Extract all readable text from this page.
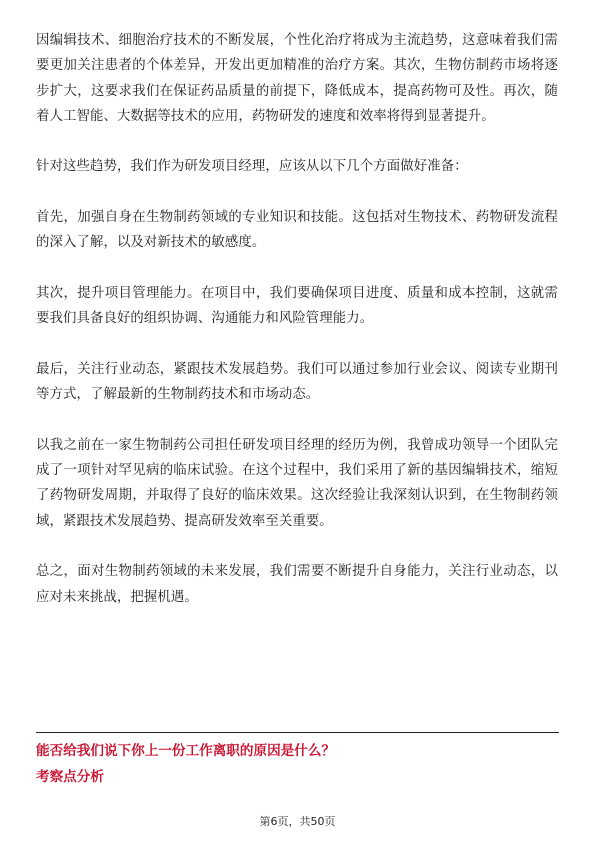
因编辑技术、细胞治疗技术的不断发展，个性化治疗将成为主流趋势，这意味着我们需要更加关注患者的个体差异，开发出更加精准的治疗方案。其次，生物仿制药市场将逐步扩大，这要求我们在保证药品质量的前提下，降低成本，提高药物可及性。再次，随着人工智能、大数据等技术的应用，药物研发的速度和效率将得到显著提升。

针对这些趋势，我们作为研发项目经理，应该从以下几个方面做好准备：

首先，加强自身在生物制药领域的专业知识和技能。这包括对生物技术、药物研发流程的深入了解，以及对新技术的敏感度。

其次，提升项目管理能力。在项目中，我们要确保项目进度、质量和成本控制，这就需要我们具备良好的组织协调、沟通能力和风险管理能力。

最后，关注行业动态，紧跟技术发展趋势。我们可以通过参加行业会议、阅读专业期刊等方式，了解最新的生物制药技术和市场动态。

以我之前在一家生物制药公司担任研发项目经理的经历为例，我曾成功领导一个团队完成了一项针对罕见病的临床试验。在这个过程中，我们采用了新的基因编辑技术，缩短了药物研发周期，并取得了良好的临床效果。这次经验让我深刻认识到，在生物制药领域，紧跟技术发展趋势、提高研发效率至关重要。

总之，面对生物制药领域的未来发展，我们需要不断提升自身能力，关注行业动态，以应对未来挑战，把握机遇。

能否给我们说下你上一份工作离职的原因是什么？

考察点分析

第6页，共50页
